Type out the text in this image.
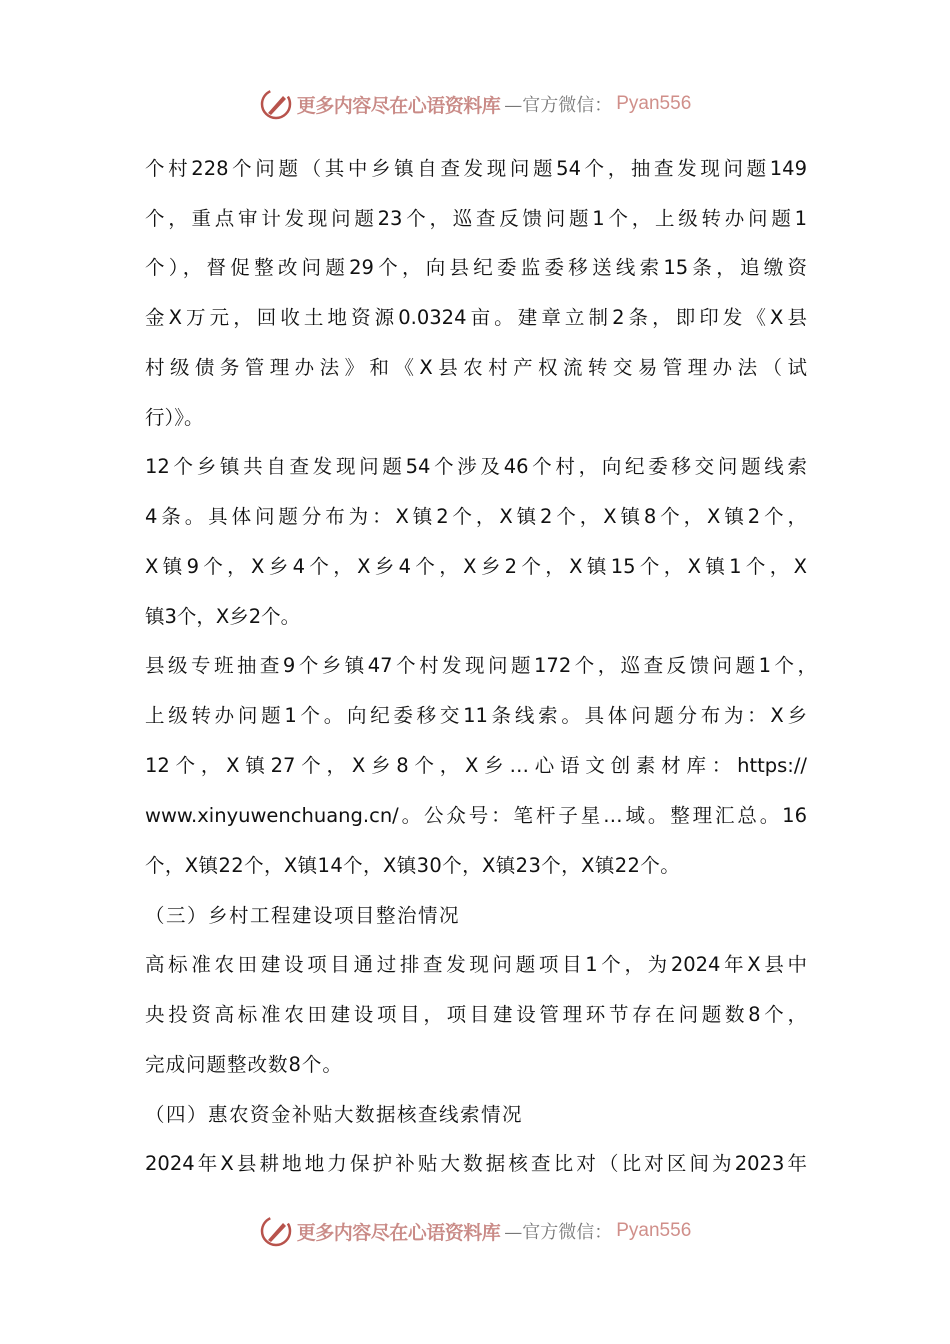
更多内容尽在心语资料库 —官方微信： Pyan556
个村228个问题（其中乡镇自查发现问题54个，抽查发现问题149
个，重点审计发现问题23个，巡查反馈问题1个，上级转办问题1
个），督促整改问题29个，向县纪委监委移送线索15条，追缴资
金X万元，回收土地资源0.0324亩。建章立制2条，即印发《X县
村级债务管理办法》和《X县农村产权流转交易管理办法（试
行）》。
12个乡镇共自查发现问题54个涉及46个村，向纪委移交问题线索
4条。具体问题分布为：X镇2个，X镇2个，X镇8个，X镇2个，
X镇9个，X乡4个，X乡4个，X乡2个，X镇15个，X镇1个，X
镇3个，X乡2个。
县级专班抽查9个乡镇47个村发现问题172个，巡查反馈问题1个，
上级转办问题1个。向纪委移交11条线索。具体问题分布为：X乡
12个，X镇27个，X乡8个，X乡…心语文创素材库：https://
www.xinyuwenchuang.cn/。公众号：笔杆子星…域。整理汇总。16
个，X镇22个，X镇14个，X镇30个，X镇23个，X镇22个。
（三）乡村工程建设项目整治情况
高标准农田建设项目通过排查发现问题项目1个，为2024年X县中
央投资高标准农田建设项目，项目建设管理环节存在问题数8个，
完成问题整改数8个。
（四）惠农资金补贴大数据核查线索情况
2024年X县耕地地力保护补贴大数据核查比对（比对区间为2023年
更多内容尽在心语资料库 —官方微信： Pyan556
